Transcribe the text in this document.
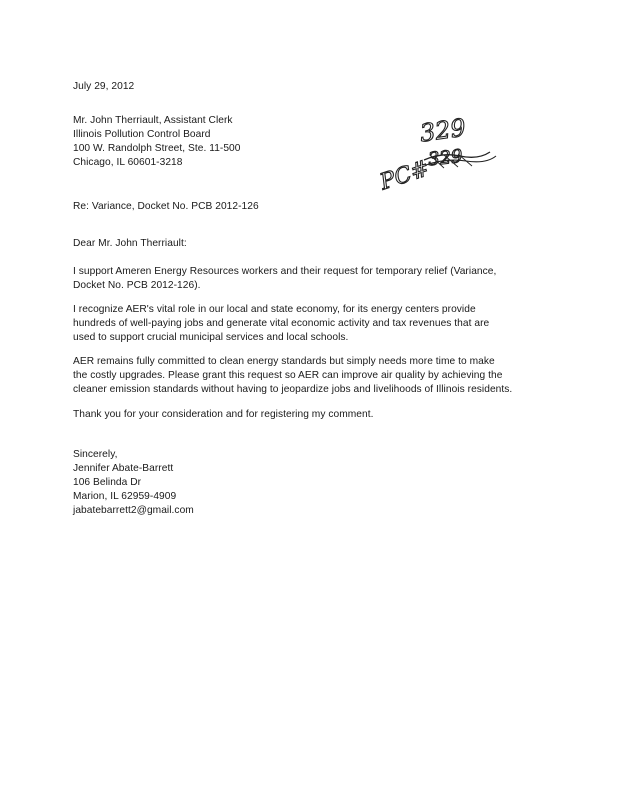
July 29, 2012
Mr. John Therriault, Assistant Clerk
Illinois Pollution Control Board
100 W. Randolph Street, Ste. 11-500
Chicago, IL 60601-3218
Re: Variance, Docket No. PCB 2012-126
Dear Mr. John Therriault:
I support Ameren Energy Resources workers and their request for temporary relief (Variance,
Docket No. PCB 2012-126).
I recognize AER's vital role in our local and state economy, for its energy centers provide
hundreds of well-paying jobs and generate vital economic activity and tax revenues that are
used to support crucial municipal services and local schools.
AER remains fully committed to clean energy standards but simply needs more time to make
the costly upgrades. Please grant this request so AER can improve air quality by achieving the
cleaner emission standards without having to jeopardize jobs and livelihoods of Illinois residents.
Thank you for your consideration and for registering my comment.
Sincerely,
Jennifer Abate-Barrett
106 Belinda Dr
Marion, IL 62959-4909
jabatebarrett2@gmail.com
329
PC#
329
